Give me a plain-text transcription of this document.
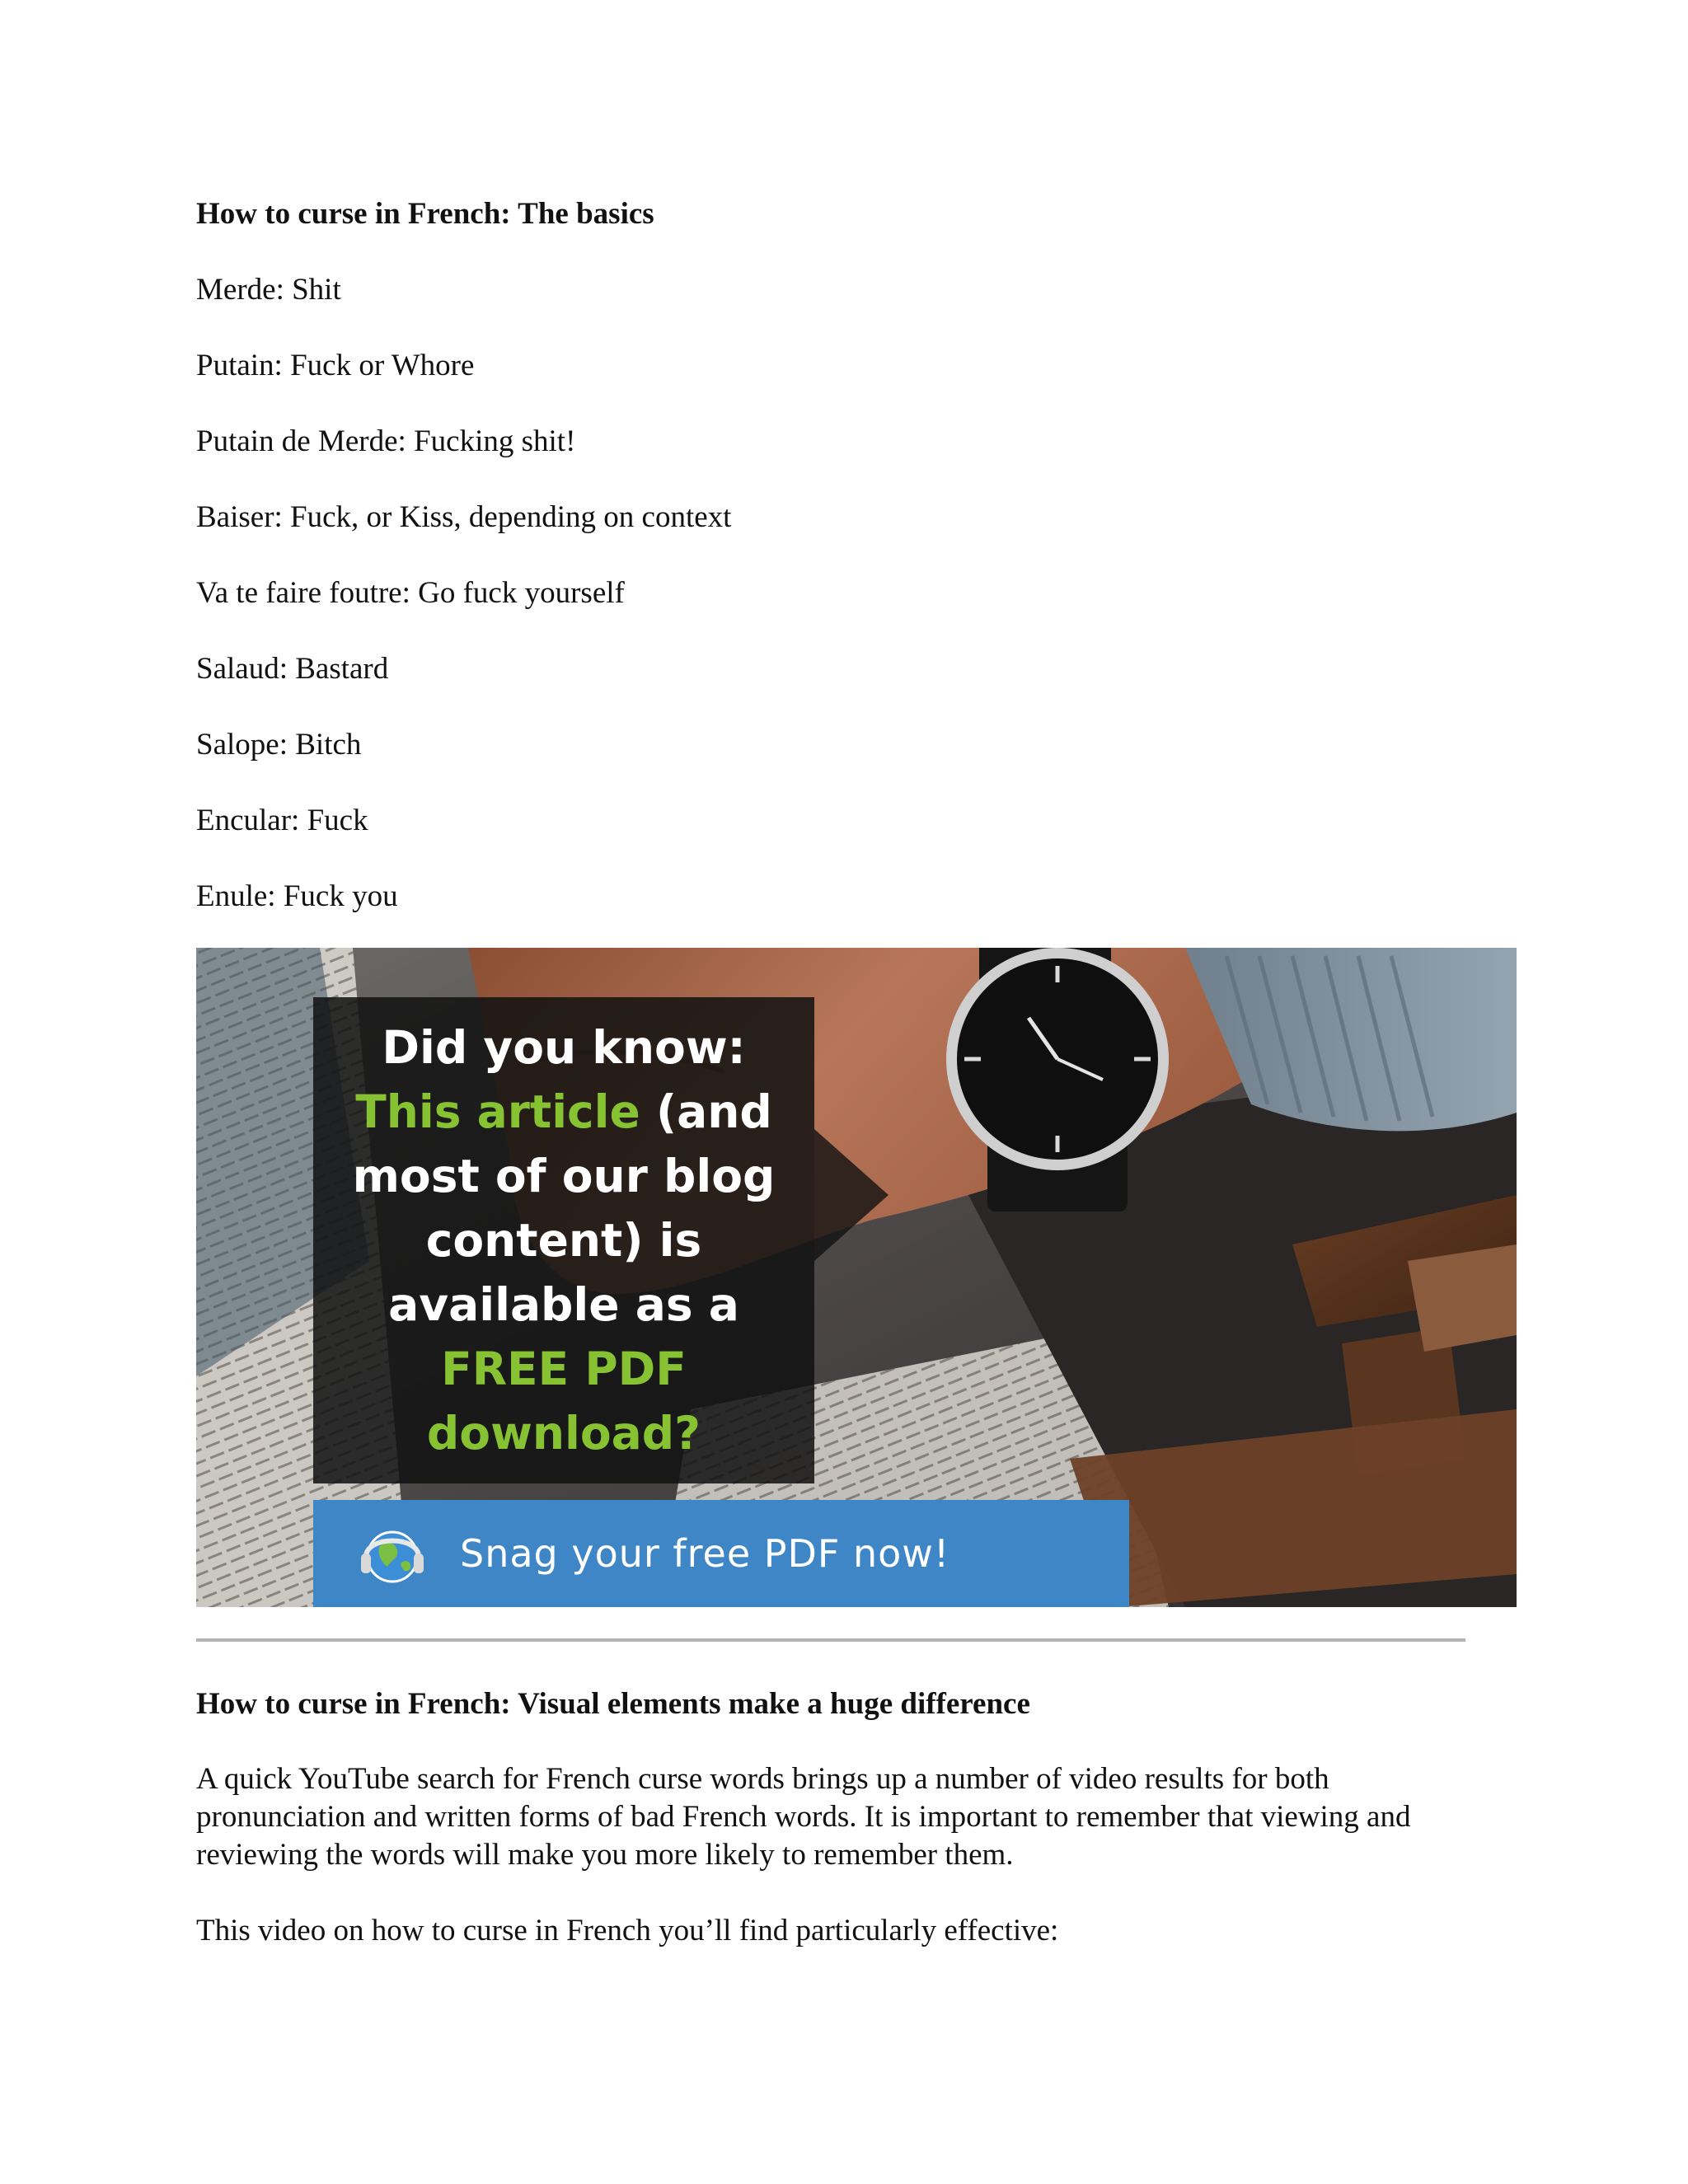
How to curse in French: The basics
Merde: Shit
Putain: Fuck or Whore
Putain de Merde: Fucking shit!
Baiser: Fuck, or Kiss, depending on context
Va te faire foutre: Go fuck yourself
Salaud: Bastard
Salope: Bitch
Encular: Fuck
Enule: Fuck you
Did you know:
This article (and
most of our blog
content) is
available as a
FREE PDF
download?
Snag your free PDF now!
How to curse in French: Visual elements make a huge difference
A quick YouTube search for French curse words brings up a number of video results for both pronunciation and written forms of bad French words. It is important to remember that viewing and reviewing the words will make you more likely to remember them.
This video on how to curse in French you’ll find particularly effective:
